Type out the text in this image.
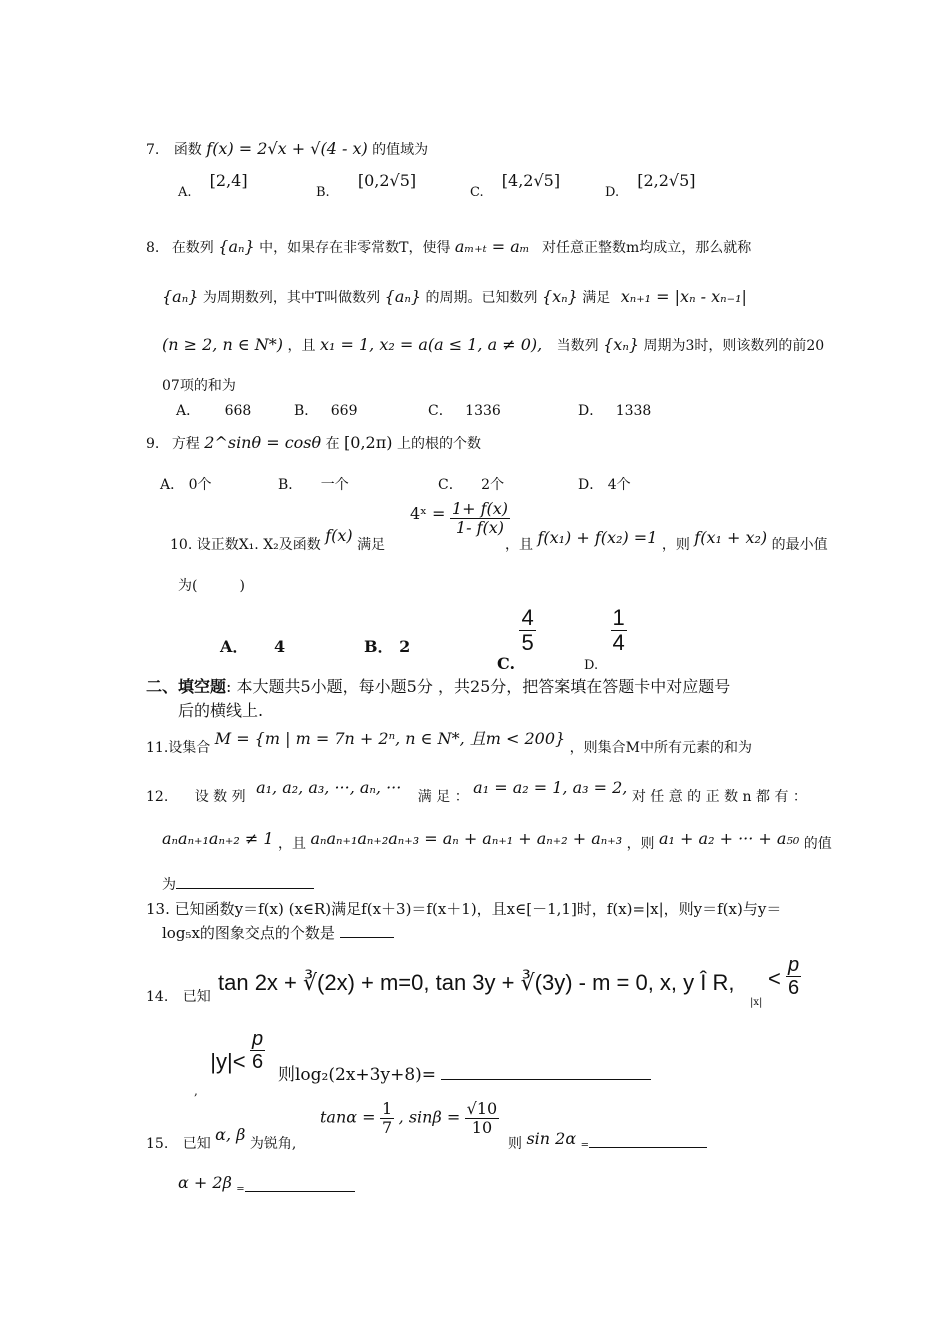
7. 函数 f(x) = 2√x + √(4 - x) 的值域为
A. [2,4]
B. [0,2√5]
C. [4,2√5]
D. [2,2√5]
8. 在数列 {aₙ} 中，如果存在非零常数T，使得 aₘ₊ₜ = aₘ 对任意正整数m均成立，那么就称
{aₙ} 为周期数列，其中T叫做数列 {aₙ} 的周期。已知数列 {xₙ} 满足 xₙ₊₁ = |xₙ - xₙ₋₁|
(n ≥ 2, n ∈ N*) ，且 x₁ = 1, x₂ = a(a ≤ 1, a ≠ 0), 当数列 {xₙ} 周期为3时，则该数列的前20
07项的和为
A． 668	B． 669	C． 1336	D． 1338
9. 方程 2^sinθ = cosθ 在 [0,2π) 上的根的个数
A． 0个	B． 一个	C． 2个	D． 4个
4ˣ = $\frac{1+ f(x)}{1- f(x)}$
10. 设正数X₁. X₂及函数 f(x) 满足	，且 f(x₁) + f(x₂) =1 ，则 f(x₁ + x₂) 的最小值
为(　　　)
A． 4	B． 2
C.
$\frac{4}{5}$
D.
$\frac{1}{4}$
二、填空题: 本大题共5小题，每小题5分 ，共25分，把答案填在答题卡中对应题号
后的横线上.
11.设集合 M = {m | m = 7n + 2ⁿ, n ∈ N*, 且m < 200} ，则集合M中所有元素的和为
12. 设 数 列 a₁, a₂, a₃, ···, aₙ, ··· 满 足 ： a₁ = a₂ = 1, a₃ = 2, 对 任 意 的 正 数 n 都 有 ：
aₙaₙ₊₁aₙ₊₂ ≠ 1 ，且 aₙaₙ₊₁aₙ₊₂aₙ₊₃ = aₙ + aₙ₊₁ + aₙ₊₂ + aₙ₊₃ ，则 a₁ + a₂ + ··· + a₅₀ 的值
为
13. 已知函数y＝f(x) (x∈R)满足f(x＋3)＝f(x＋1)，且x∈[－1,1]时，f(x)=|x|，则y＝f(x)与y＝
log₅x的图象交点的个数是
14. 已知
tan 2x + ∛(2x) + m=0, tan 3y + ∛(3y) - m = 0, x, y Î R,
|x|
< $\frac{p}{6}$
, $|y|< \frac{p}{6}$
则log₂(2x+3y+8)=
15. 已知 α, β 为锐角,
$\tan\alpha = \frac{1}{7}$ , $\sin\beta = \frac{√10}{10}$
则 sin 2α =
α + 2β =
